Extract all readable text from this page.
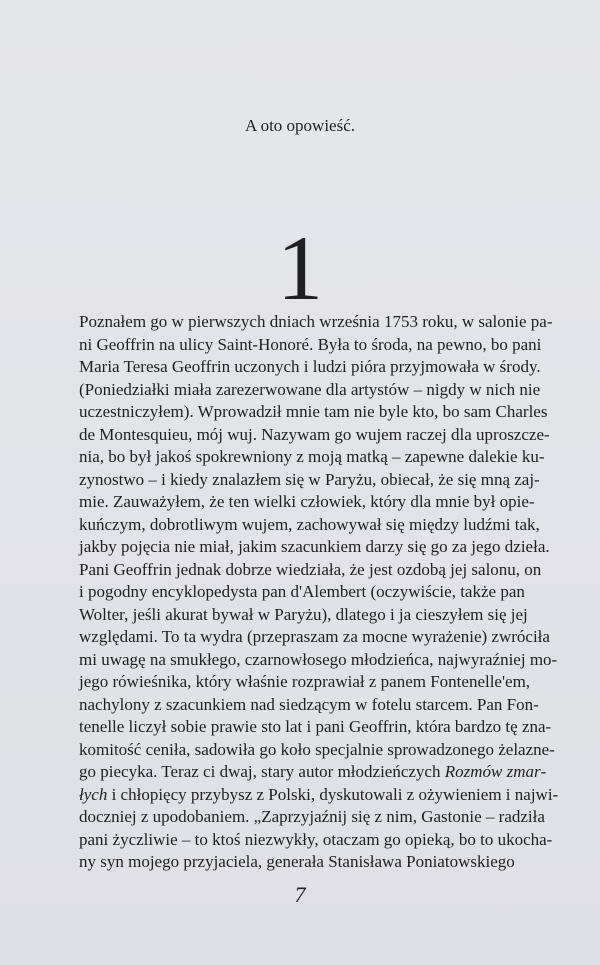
A oto opowieść.
1
Poznałem go w pierwszych dniach września 1753 roku, w salonie pa-
ni Geoffrin na ulicy Saint-Honoré. Była to środa, na pewno, bo pani
Maria Teresa Geoffrin uczonych i ludzi pióra przyjmowała w środy.
(Poniedziałki miała zarezerwowane dla artystów – nigdy w nich nie
uczestniczyłem). Wprowadził mnie tam nie byle kto, bo sam Charles
de Montesquieu, mój wuj. Nazywam go wujem raczej dla uproszcze-
nia, bo był jakoś spokrewniony z moją matką – zapewne dalekie ku-
zynostwo – i kiedy znalazłem się w Paryżu, obiecał, że się mną zaj-
mie. Zauważyłem, że ten wielki człowiek, który dla mnie był opie-
kuńczym, dobrotliwym wujem, zachowywał się między ludźmi tak,
jakby pojęcia nie miał, jakim szacunkiem darzy się go za jego dzieła.
Pani Geoffrin jednak dobrze wiedziała, że jest ozdobą jej salonu, on
i pogodny encyklopedysta pan d'Alembert (oczywiście, także pan
Wolter, jeśli akurat bywał w Paryżu), dlatego i ja cieszyłem się jej
względami. To ta wydra (przepraszam za mocne wyrażenie) zwróciła
mi uwagę na smukłego, czarnowłosego młodzieńca, najwyraźniej mo-
jego rówieśnika, który właśnie rozprawiał z panem Fontenelle'em,
nachylony z szacunkiem nad siedzącym w fotelu starcem. Pan Fon-
tenelle liczył sobie prawie sto lat i pani Geoffrin, która bardzo tę zna-
komitość ceniła, sadowiła go koło specjalnie sprowadzonego żelazne-
go piecyka. Teraz ci dwaj, stary autor młodzieńczych Rozmów zmar-
łych i chłopięcy przybysz z Polski, dyskutowali z ożywieniem i najwi-
doczniej z upodobaniem. „Zaprzyjaźnij się z nim, Gastonie – radziła
pani życzliwie – to ktoś niezwykły, otaczam go opieką, bo to ukocha-
ny syn mojego przyjaciela, generała Stanisława Poniatowskiego
7
